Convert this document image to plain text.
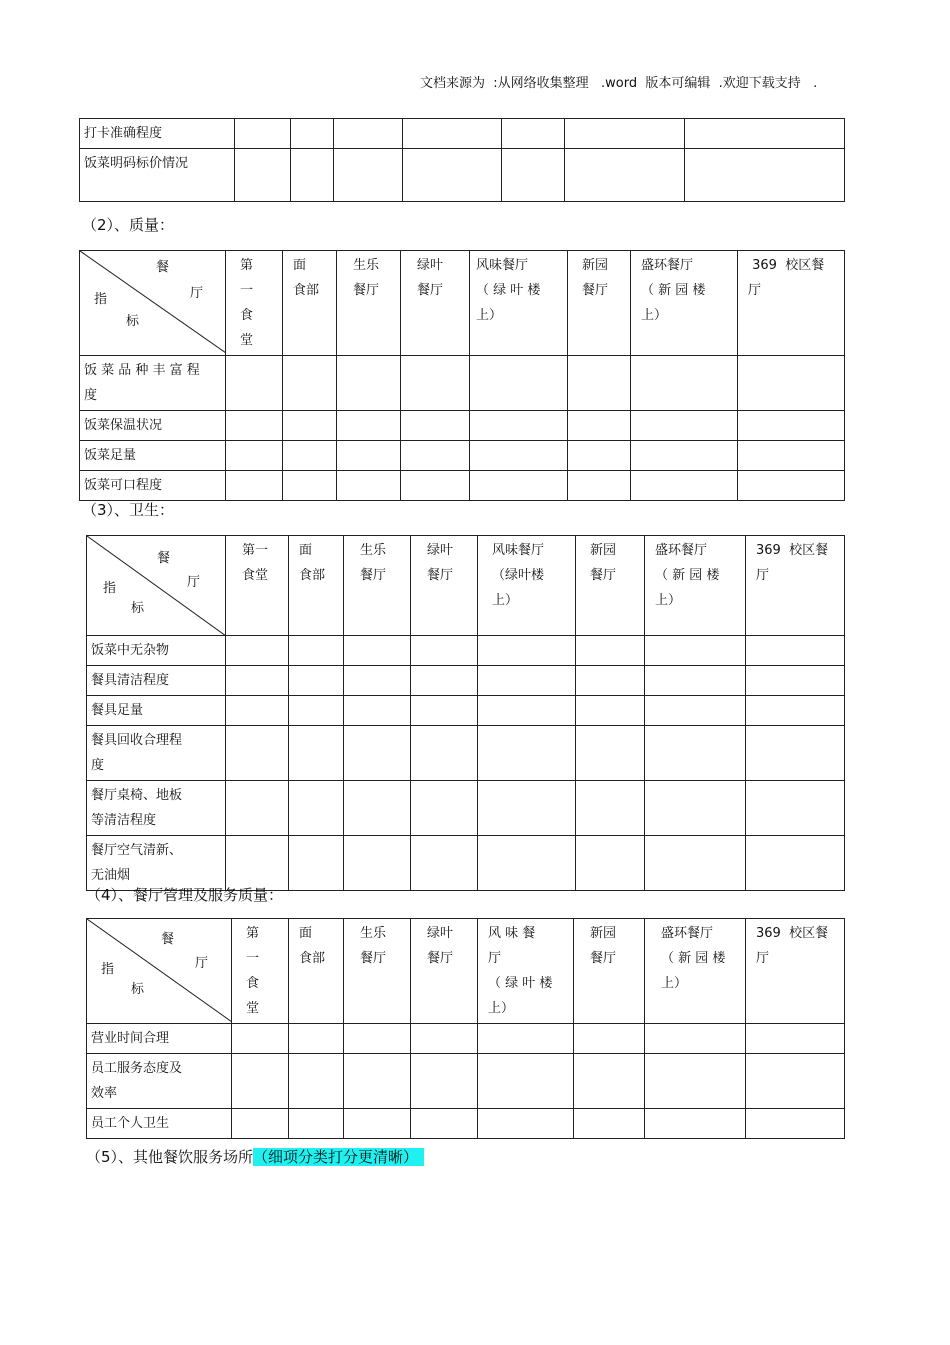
文档来源为  :从网络收集整理   .word  版本可编辑  .欢迎下载支持   .
打卡准确程度							
饭菜明码标价情况							
（2）、质量：
餐
厅
指
标	第
一
食
堂	面
食部	生乐
餐厅	绿叶
餐厅	风味餐厅
（ 绿 叶 楼
上）	新园
餐厅	盛环餐厅
（ 新 园 楼
上）	369  校区餐
厅
饭 菜 品 种 丰 富 程
度								
饭菜保温状况								
饭菜足量								
饭菜可口程度								
（3）、卫生：
餐
厅
指
标	第一
食堂	面
食部	生乐
餐厅	绿叶
餐厅	风味餐厅
（绿叶楼
上）	新园
餐厅	盛环餐厅
（ 新 园 楼
上）	369  校区餐
厅
饭菜中无杂物								
餐具清洁程度								
餐具足量								
餐具回收合理程
度								
餐厅桌椅、地板
等清洁程度								
餐厅空气清新、
无油烟								
（4）、餐厅管理及服务质量：
餐
厅
指
标	第
一
食
堂	面
食部	生乐
餐厅	绿叶
餐厅	风 味 餐
厅
（ 绿 叶 楼
上）	新园
餐厅	盛环餐厅
（ 新 园 楼
上）	369  校区餐
厅
营业时间合理								
员工服务态度及
效率								
员工个人卫生								
（5）、其他餐饮服务场所（细项分类打分更清晰）
